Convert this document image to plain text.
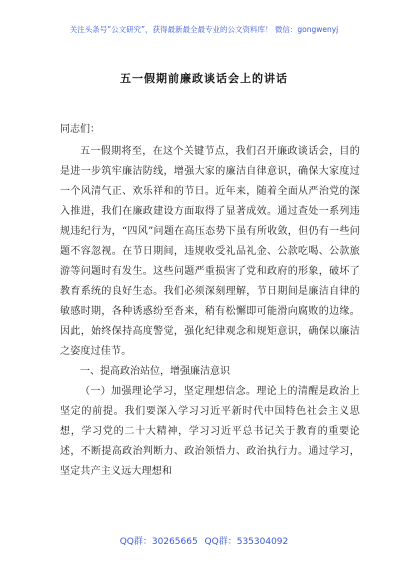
关注头条号“公文研究”，获得最新最全最专业的公文资料库！ 微信：gongwenyj
五一假期前廉政谈话会上的讲话

同志们：

五一假期将至，在这个关键节点，我们召开廉政谈话会，目的是进一步筑牢廉洁防线，增强大家的廉洁自律意识，确保大家度过一个风清气正、欢乐祥和的节日。近年来，随着全面从严治党的深入推进，我们在廉政建设方面取得了显著成效。通过查处一系列违规违纪行为，“四风”问题在高压态势下虽有所收敛，但仍有一些问题不容忽视。在节日期间，违规收受礼品礼金、公款吃喝、公款旅游等问题时有发生。这些问题严重损害了党和政府的形象，破坏了教育系统的良好生态。我们必须深刻理解，节日期间是廉洁自律的敏感时期，各种诱惑纷至沓来，稍有松懈即可能滑向腐败的边缘。因此，始终保持高度警觉，强化纪律观念和规矩意识，确保以廉洁之姿度过佳节。

一、提高政治站位，增强廉洁意识

（一）加强理论学习，坚定理想信念。理论上的清醒是政治上坚定的前提。我们要深入学习习近平新时代中国特色社会主义思想，学习党的二十大精神，学习习近平总书记关于教育的重要论述，不断提高政治判断力、政治领悟力、政治执行力。通过学习，坚定共产主义远大理想和

QQ群：30265665 QQ群：535304092
